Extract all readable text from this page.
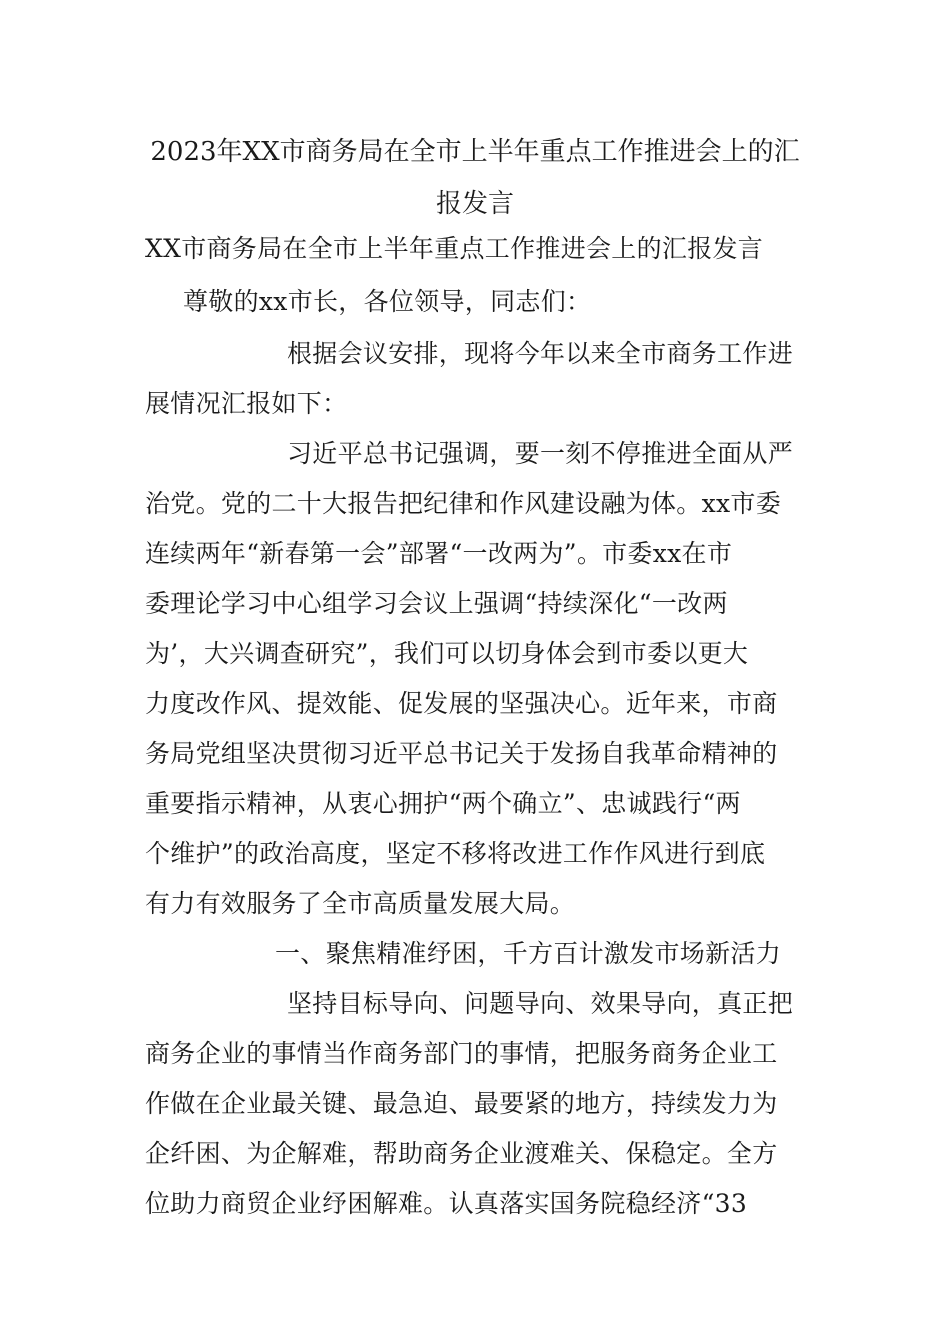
2023年XX市商务局在全市上半年重点工作推进会上的汇
报发言

XX市商务局在全市上半年重点工作推进会上的汇报发言

尊敬的xx市长，各位领导，同志们：

根据会议安排，现将今年以来全市商务工作进

展情况汇报如下：

习近平总书记强调，要一刻不停推进全面从严

治党。党的二十大报告把纪律和作风建设融为体。xx市委

连续两年“新春第一会”部署“一改两为”。市委xx在市

委理论学习中心组学习会议上强调“持续深化“一改两

为’，大兴调查研究”，我们可以切身体会到市委以更大

力度改作风、提效能、促发展的坚强决心。近年来，市商

务局党组坚决贯彻习近平总书记关于发扬自我革命精神的

重要指示精神，从衷心拥护“两个确立”、忠诚践行“两

个维护”的政治高度，坚定不移将改进工作作风进行到底

有力有效服务了全市高质量发展大局。

一、聚焦精准纾困，千方百计激发市场新活力

坚持目标导向、问题导向、效果导向，真正把

商务企业的事情当作商务部门的事情，把服务商务企业工

作做在企业最关键、最急迫、最要紧的地方，持续发力为

企纤困、为企解难，帮助商务企业渡难关、保稳定。全方

位助力商贸企业纾困解难。认真落实国务院稳经济“33
